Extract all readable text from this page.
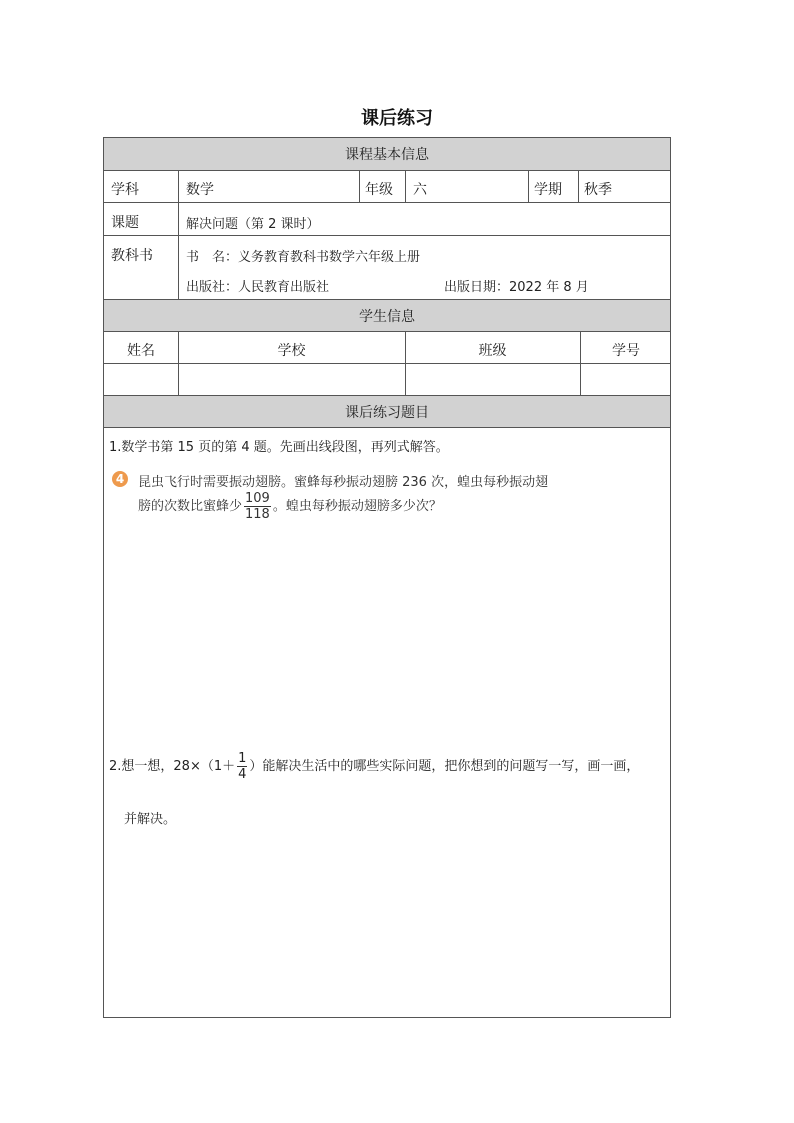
课后练习
课程基本信息
学科	数学	年级 六	学期 秋季
课题	解决问题（第 2 课时）
教科书	书　名：义务教育教科书数学六年级上册
出版社：人民教育出版社	出版日期：2022 年 8 月
学生信息
姓名	学校	班级	学号
课后练习题目
1.数学书第 15 页的第 4 题。先画出线段图，再列式解答。
4 昆虫飞行时需要振动翅膀。蜜蜂每秒振动翅膀 236 次，蝗虫每秒振动翅
膀的次数比蜜蜂少 $\frac{109}{118}$ 。蝗虫每秒振动翅膀多少次？
2.想一想，$28\times(1+ \frac{1}{4}$ ）能解决生活中的哪些实际问题，把你想到的问题写一写，画一画，
并解决。
